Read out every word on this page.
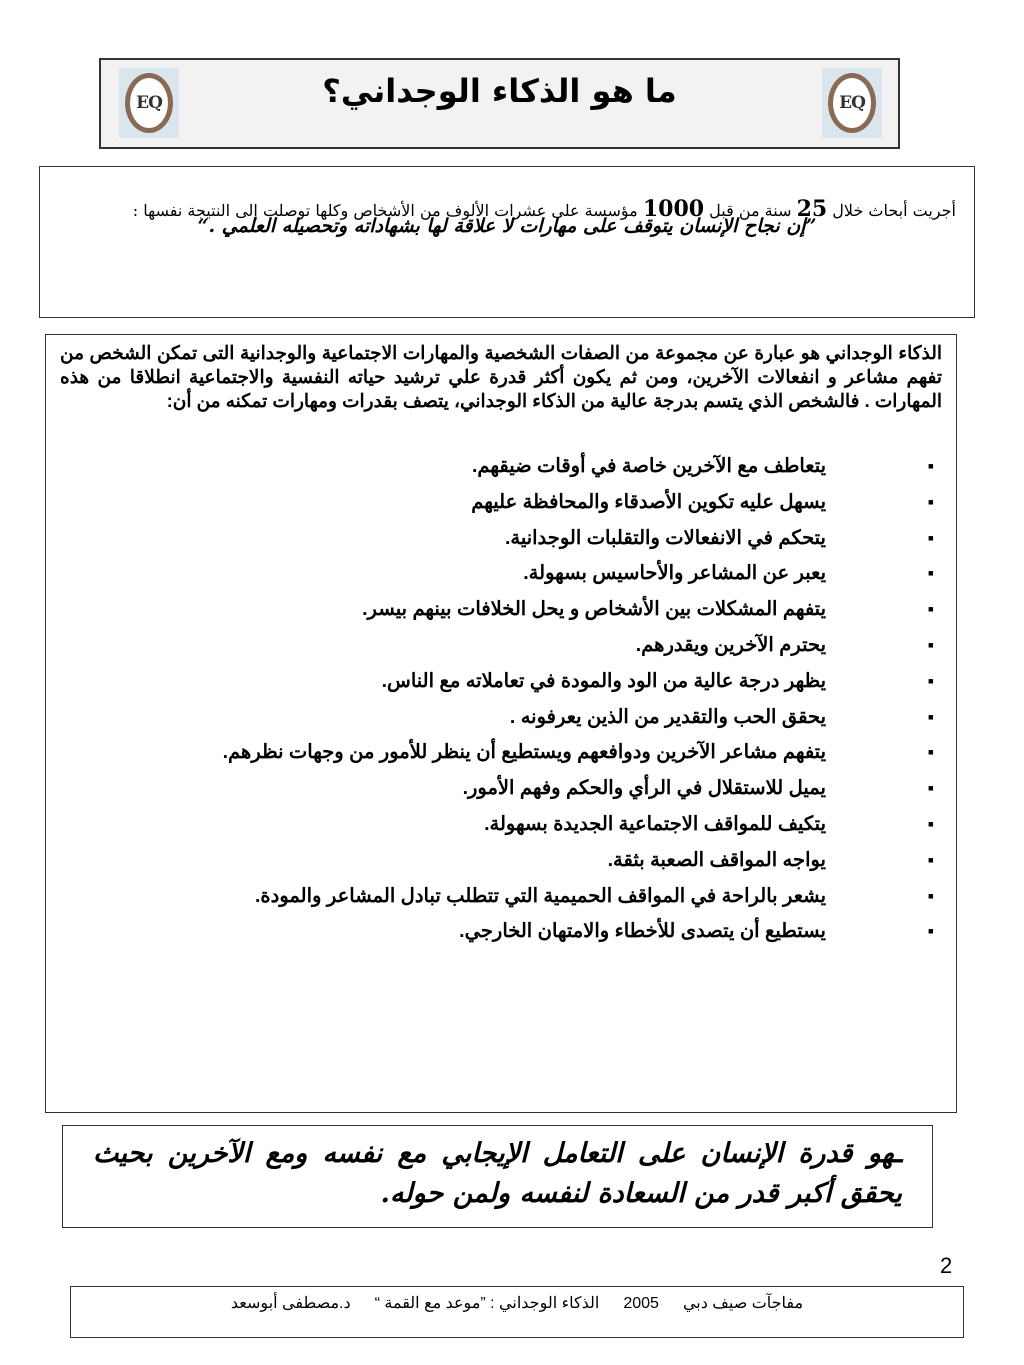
EQ	ما هو الذكاء الوجداني؟	EQ
أجريت أبحاث خلال 25 سنة من قبل 1000 مؤسسة على عشرات الألوف من الأشخاص وكلها توصلت إلى النتيجة نفسها :
”إن نجاح الإنسان يتوقف على مهارات لا علاقة لها بشهاداته وتحصيله العلمي .“
الذكاء الوجداني هو عبارة عن مجموعة من الصفات الشخصية والمهارات الاجتماعية والوجدانية التى تمكن الشخص من تفهم مشاعر و انفعالات الآخرين، ومن ثم يكون أكثر قدرة علي ترشيد حياته النفسية والاجتماعية انطلاقا من هذه المهارات . فالشخص الذي يتسم بدرجة عالية من الذكاء الوجداني، يتصف بقدرات ومهارات تمكنه من أن:
▪
يتعاطف مع الآخرين خاصة في أوقات ضيقهم.
▪
يسهل عليه تكوين الأصدقاء والمحافظة عليهم
▪
يتحكم في الانفعالات والتقلبات الوجدانية.
▪
يعبر عن المشاعر والأحاسيس بسهولة.
▪
يتفهم المشكلات بين الأشخاص و يحل الخلافات بينهم بيسر.
▪
يحترم الآخرين ويقدرهم.
▪
يظهر درجة عالية من الود والمودة في تعاملاته مع الناس.
▪
يحقق الحب والتقدير من الذين يعرفونه .
▪
يتفهم مشاعر الآخرين ودوافعهم ويستطيع أن ينظر للأمور من وجهات نظرهم.
▪
يميل للاستقلال في الرأي والحكم وفهم الأمور.
▪
يتكيف للمواقف الاجتماعية الجديدة بسهولة.
▪
يواجه المواقف الصعبة بثقة.
▪
يشعر بالراحة في المواقف الحميمية التي تتطلب تبادل المشاعر والمودة.
▪
يستطيع أن يتصدى للأخطاء والامتهان الخارجي.
ـهو قدرة الإنسان على التعامل الإيجابي مع نفسه ومع الآخرين بحيث يحقق أكبر قدر من السعادة لنفسه ولمن حوله.
2
مفاجآت صيف دبي2005الذكاء الوجداني : ”موعد مع القمة “د.مصطفى أبوسعد
